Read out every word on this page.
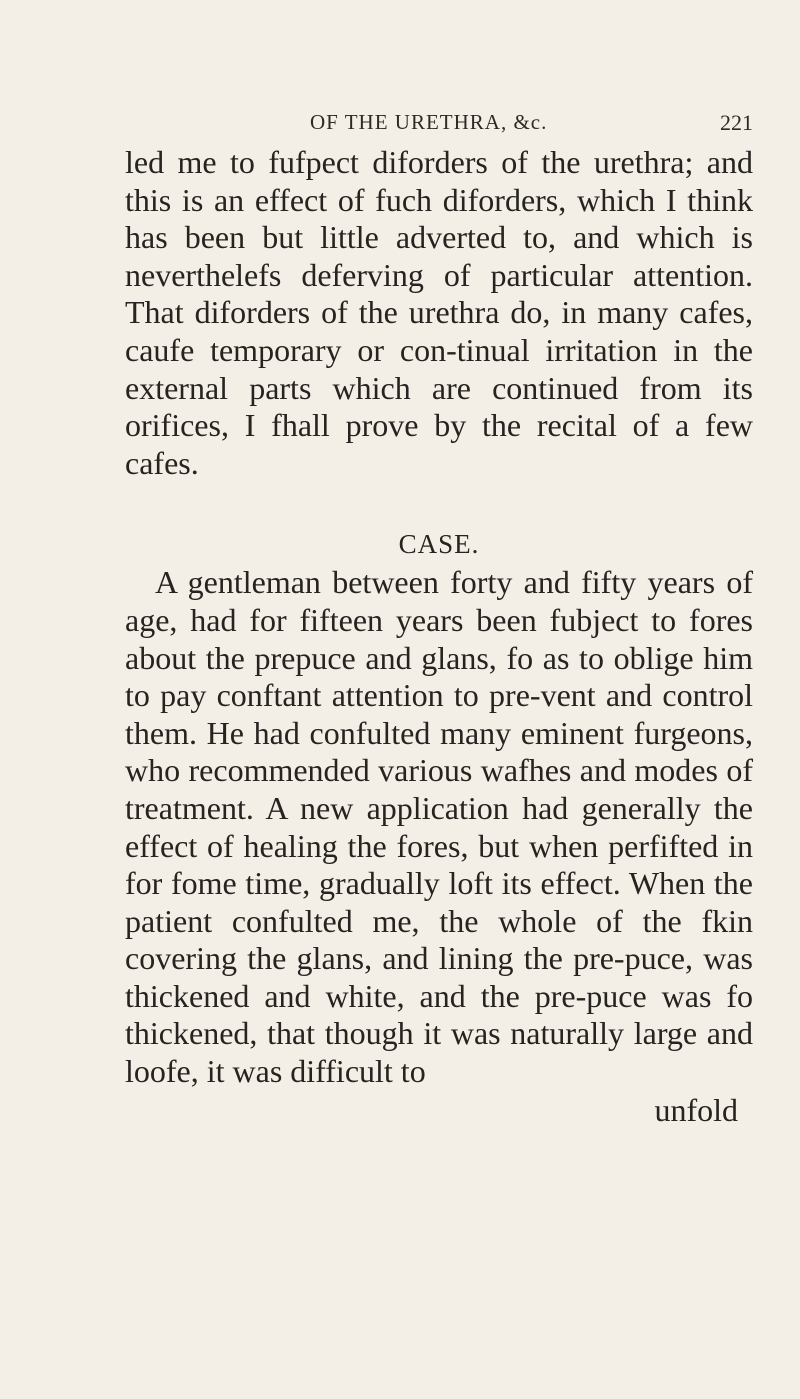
OF THE URETHRA, &c.	221

led me to fufpect diforders of the urethra; and this is an effect of fuch diforders, which I think has been but little adverted to, and which is neverthelefs deferving of particular attention. That diforders of the urethra do, in many cafes, caufe temporary or con-tinual irritation in the external parts which are continued from its orifices, I fhall prove by the recital of a few cafes.

CASE.

A gentleman between forty and fifty years of age, had for fifteen years been fubject to fores about the prepuce and glans, fo as to oblige him to pay conftant attention to pre-vent and control them. He had confulted many eminent furgeons, who recommended various wafhes and modes of treatment. A new application had generally the effect of healing the fores, but when perfifted in for fome time, gradually loft its effect. When the patient confulted me, the whole of the fkin covering the glans, and lining the pre-puce, was thickened and white, and the pre-puce was fo thickened, that though it was naturally large and loofe, it was difficult to

unfold
